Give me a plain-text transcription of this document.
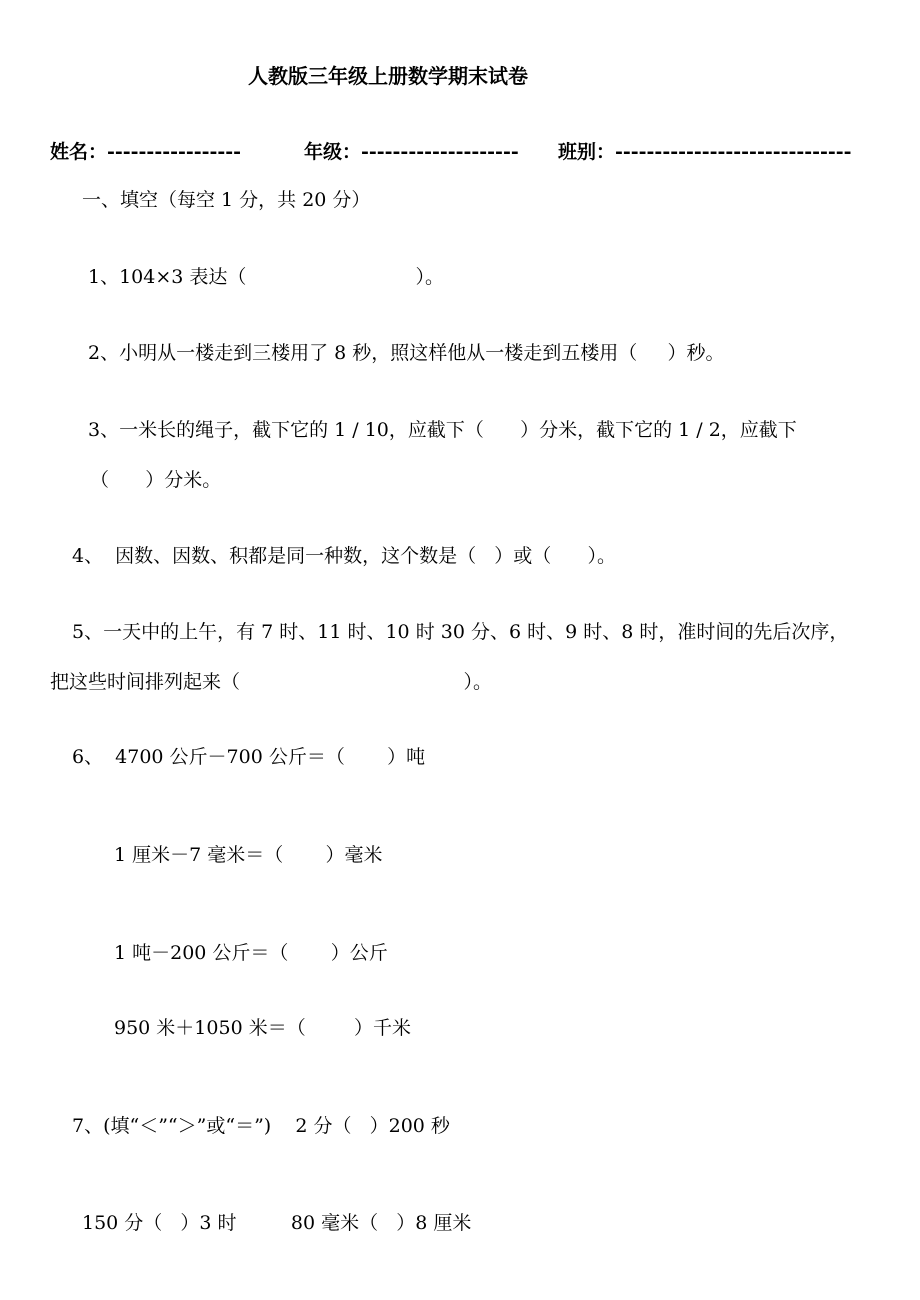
人教版三年级上册数学期末试卷
姓名：-----------------	年级：-------------------- 班别：------------------------------
一、填空（每空 1 分，共 20 分）
1、104×3 表达（                            ）。
2、小明从一楼走到三楼用了 8 秒，照这样他从一楼走到五楼用（     ）秒。
3、一米长的绳子，截下它的 1 / 10，应截下（      ）分米，截下它的 1 / 2，应截下
（      ）分米。
4、  因数、因数、积都是同一种数，这个数是（   ）或（      ）。
5、一天中的上午，有 7 时、11 时、10 时 30 分、6 时、9 时、8 时，准时间的先后次序，
把这些时间排列起来（                                     ）。
6、  4700 公斤－700 公斤＝（       ）吨
1 厘米－7 毫米＝（       ）毫米
1 吨－200 公斤＝（       ）公斤
950 米＋1050 米＝（        ）千米
7、(填“＜”“＞”或“＝”)    2 分（   ）200 秒
150 分（   ）3 时         80 毫米（   ）8 厘米
